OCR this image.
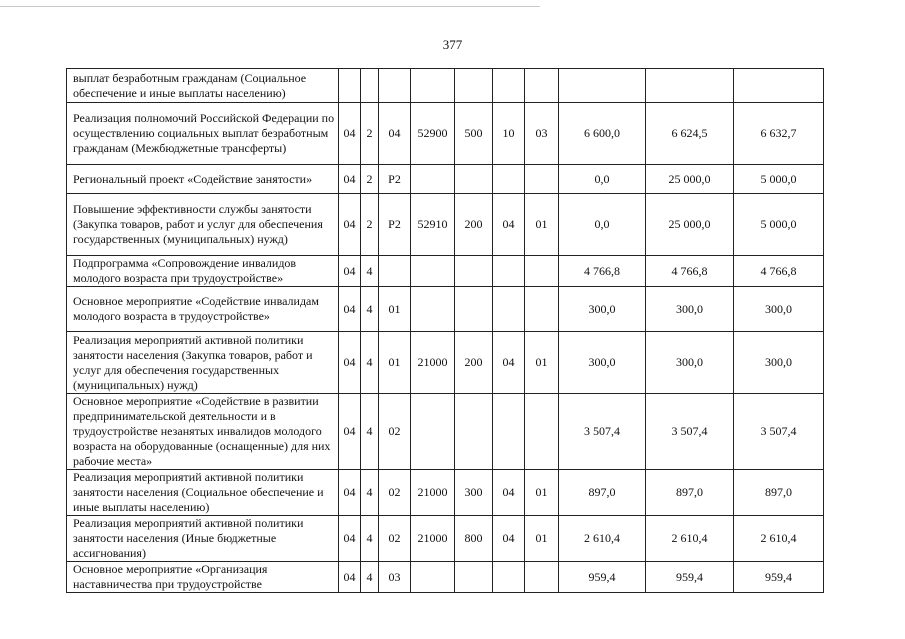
377
выплат безработным гражданам (Социальное обеспечение и иные выплаты населению)										
Реализация полномочий Российской Федерации по осуществлению социальных выплат безработным гражданам (Межбюджетные трансферты)	04	2	04	52900	500	10	03	6 600,0	6 624,5	6 632,7
Региональный проект «Содействие занятости»	04	2	P2					0,0	25 000,0	5 000,0
Повышение эффективности службы занятости (Закупка товаров, работ и услуг для обеспечения государственных (муниципальных) нужд)	04	2	P2	52910	200	04	01	0,0	25 000,0	5 000,0
Подпрограмма «Сопровождение инвалидов молодого возраста при трудоустройстве»	04	4						4 766,8	4 766,8	4 766,8
Основное мероприятие «Содействие инвалидам молодого возраста в трудоустройстве»	04	4	01					300,0	300,0	300,0
Реализация мероприятий активной политики занятости населения (Закупка товаров, работ и услуг для обеспечения государственных (муниципальных) нужд)	04	4	01	21000	200	04	01	300,0	300,0	300,0
Основное мероприятие «Содействие в развитии предпринимательской деятельности и в трудоустройстве незанятых инвалидов молодого возраста на оборудованные (оснащенные) для них рабочие места»	04	4	02					3 507,4	3 507,4	3 507,4
Реализация мероприятий активной политики занятости населения (Социальное обеспечение и иные выплаты населению)	04	4	02	21000	300	04	01	897,0	897,0	897,0
Реализация мероприятий активной политики занятости населения (Иные бюджетные ассигнования)	04	4	02	21000	800	04	01	2 610,4	2 610,4	2 610,4
Основное мероприятие «Организация наставничества при трудоустройстве	04	4	03					959,4	959,4	959,4
